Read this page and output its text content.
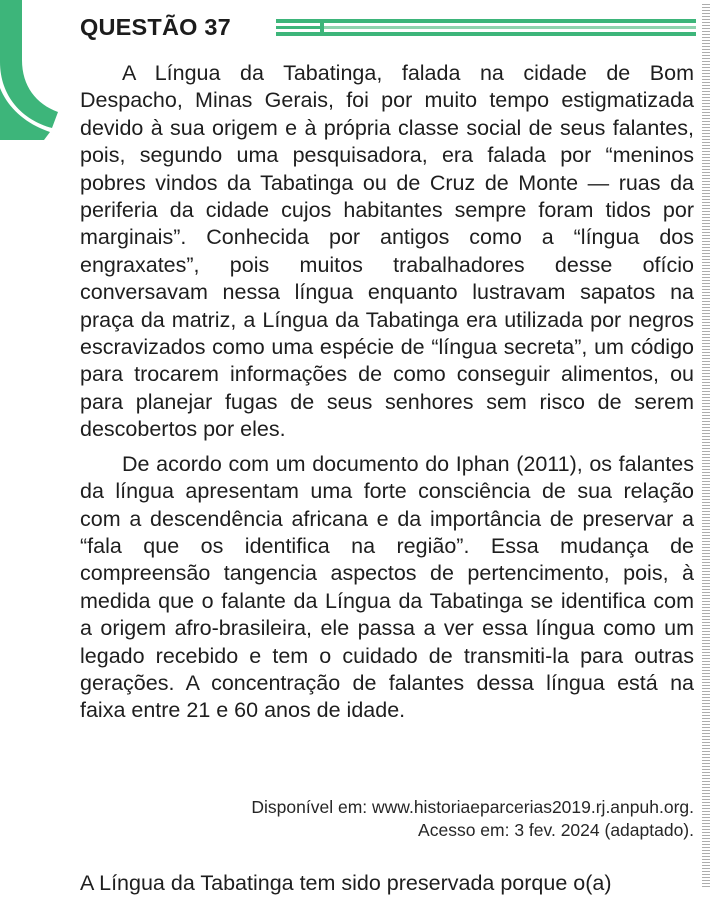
QUESTÃO 37

A Língua da Tabatinga, falada na cidade de Bom Despacho, Minas Gerais, foi por muito tempo estigmatizada devido à sua origem e à própria classe social de seus falantes, pois, segundo uma pesquisadora, era falada por “meninos pobres vindos da Tabatinga ou de Cruz de Monte — ruas da periferia da cidade cujos habitantes sempre foram tidos por marginais”. Conhecida por antigos como a “língua dos engraxates”, pois muitos trabalhadores desse ofício conversavam nessa língua enquanto lustravam sapatos na praça da matriz, a Língua da Tabatinga era utilizada por negros escravizados como uma espécie de “língua secreta”, um código para trocarem informações de como conseguir alimentos, ou para planejar fugas de seus senhores sem risco de serem descobertos por eles.

De acordo com um documento do Iphan (2011), os falantes da língua apresentam uma forte consciência de sua relação com a descendência africana e da importância de preservar a “fala que os identifica na região”. Essa mudança de compreensão tangencia aspectos de pertencimento, pois, à medida que o falante da Língua da Tabatinga se identifica com a origem afro-brasileira, ele passa a ver essa língua como um legado recebido e tem o cuidado de transmiti-la para outras gerações. A concentração de falantes dessa língua está na faixa entre 21 e 60 anos de idade.

Disponível em: www.historiaeparcerias2019.rj.anpuh.org.
Acesso em: 3 fev. 2024 (adaptado).
A Língua da Tabatinga tem sido preservada porque o(a)
